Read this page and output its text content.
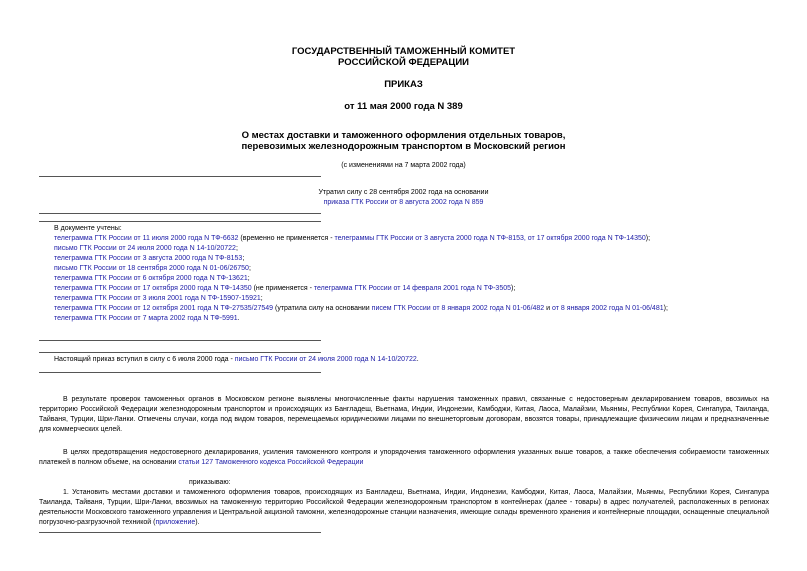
ГОСУДАРСТВЕННЫЙ ТАМОЖЕННЫЙ КОМИТЕТ
РОССИЙСКОЙ ФЕДЕРАЦИИ
ПРИКАЗ
от 11 мая 2000 года N 389
О местах доставки и таможенного оформления отдельных товаров,
перевозимых железнодорожным транспортом в Московский регион
(с изменениями на 7 марта 2002 года)
Утратил силу с 28 сентября 2002 года на основании
приказа ГТК России от 8 августа 2002 года N 859
В документе учтены:
телеграмма ГТК России от 11 июля 2000 года N ТФ-6632 (временно не применяется - телеграммы ГТК России от 3 августа 2000 года N ТФ-8153, от 17 октября 2000 года N ТФ-14350);
письмо ГТК России от 24 июля 2000 года N 14-10/20722;
телеграмма ГТК России от 3 августа 2000 года N ТФ-8153;
письмо ГТК России от 18 сентября 2000 года N 01-06/26750;
телеграмма ГТК России от 6 октября 2000 года N ТФ-13621;
телеграмма ГТК России от 17 октября 2000 года N ТФ-14350 (не применяется - телеграмма ГТК России от 14 февраля 2001 года N ТФ-3505);
телеграмма ГТК России от 3 июля 2001 года N ТФ-15907-15921;
телеграмма ГТК России от 12 октября 2001 года N ТФ-27535/27549 (утратила силу на основании писем ГТК России от 8 января 2002 года N 01-06/482 и от 8 января 2002 года N 01-06/481);
телеграмма ГТК России от 7 марта 2002 года N ТФ-5991.
Настоящий приказ вступил в силу с 6 июля 2000 года - письмо ГТК России от 24 июля 2000 года N 14-10/20722.
В результате проверок таможенных органов в Московском регионе выявлены многочисленные факты нарушения таможенных правил, связанные с недостоверным декларированием товаров, ввозимых на территорию Российской Федерации железнодорожным транспортом и происходящих из Бангладеш, Вьетнама, Индии, Индонезии, Камбоджи, Китая, Лаоса, Малайзии, Мьянмы, Республики Корея, Сингапура, Таиланда, Тайваня, Турции, Шри-Ланки. Отмечены случаи, когда под видом товаров, перемещаемых юридическими лицами по внешнеторговым договорам, ввозятся товары, принадлежащие физическим лицам и предназначенные для коммерческих целей.
В целях предотвращения недостоверного декларирования, усиления таможенного контроля и упорядочения таможенного оформления указанных выше товаров, а также обеспечения собираемости таможенных платежей в полном объеме, на основании статьи 127 Таможенного кодекса Российской Федерации
приказываю:
1. Установить местами доставки и таможенного оформления товаров, происходящих из Бангладеш, Вьетнама, Индии, Индонезии, Камбоджи, Китая, Лаоса, Малайзии, Мьянмы, Республики Корея, Сингапура Таиланда, Тайваня, Турции, Шри-Ланки, ввозимых на таможенную территорию Российской Федерации железнодорожным транспортом в контейнерах (далее - товары) в адрес получателей, расположенных в регионах деятельности Московского таможенного управления и Центральной акцизной таможни, железнодорожные станции назначения, имеющие склады временного хранения и контейнерные площадки, оснащенные специальной погрузочно-разгрузочной техникой (приложение).
